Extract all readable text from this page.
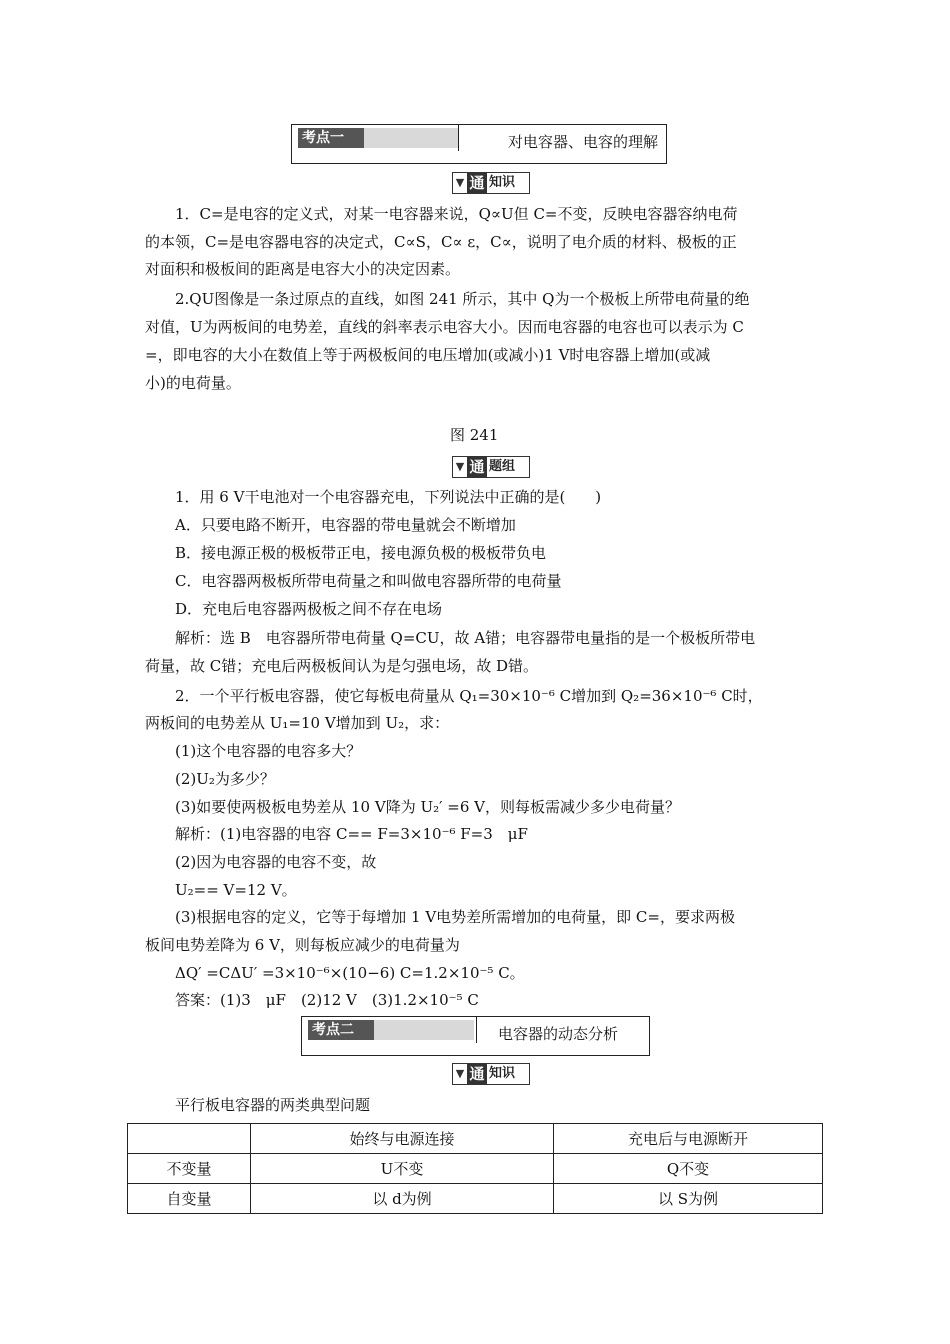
考点一	对电容器、电容的理解
▼ 通 知识
1．C=是电容的定义式，对某一电容器来说，Q∝U但 C=不变，反映电容器容纳电荷
的本领，C=是电容器电容的决定式，C∝S，C∝ ε，C∝，说明了电介质的材料、极板的正
对面积和极板间的距离是电容大小的决定因素。
2.QU图像是一条过原点的直线，如图 241 所示，其中 Q为一个极板上所带电荷量的绝
对值，U为两板间的电势差，直线的斜率表示电容大小。因而电容器的电容也可以表示为 C
=，即电容的大小在数值上等于两极板间的电压增加(或减小)1 V时电容器上增加(或减
小)的电荷量。
图 241
▼ 通 题组
1．用 6 V干电池对一个电容器充电，下列说法中正确的是(　　)
A．只要电路不断开，电容器的带电量就会不断增加
B．接电源正极的极板带正电，接电源负极的极板带负电
C．电容器两极板所带电荷量之和叫做电容器所带的电荷量
D．充电后电容器两极板之间不存在电场
解析：选 B　电容器所带电荷量 Q=CU，故 A错；电容器带电量指的是一个极板所带电
荷量，故 C错；充电后两极板间认为是匀强电场，故 D错。
2．一个平行板电容器，使它每板电荷量从 Q₁=30×10⁻⁶ C增加到 Q₂=36×10⁻⁶ C时，
两板间的电势差从 U₁=10 V增加到 U₂，求：
(1)这个电容器的电容多大？
(2)U₂为多少？
(3)如要使两极板电势差从 10 V降为 U₂′ =6 V，则每板需减少多少电荷量？
解析：(1)电容器的电容 C== F=3×10⁻⁶ F=3　μF
(2)因为电容器的电容不变，故
U₂== V=12 V。
(3)根据电容的定义，它等于每增加 1 V电势差所需增加的电荷量，即 C=，要求两极
板间电势差降为 6 V，则每板应减少的电荷量为
ΔQ′ =CΔU′ =3×10⁻⁶×(10−6) C=1.2×10⁻⁵ C。
答案：(1)3　μF　(2)12 V　(3)1.2×10⁻⁵ C
考点二	电容器的动态分析
▼ 通 知识
平行板电容器的两类典型问题
	始终与电源连接	充电后与电源断开
不变量	U不变	Q不变
自变量	以 d为例	以 S为例
